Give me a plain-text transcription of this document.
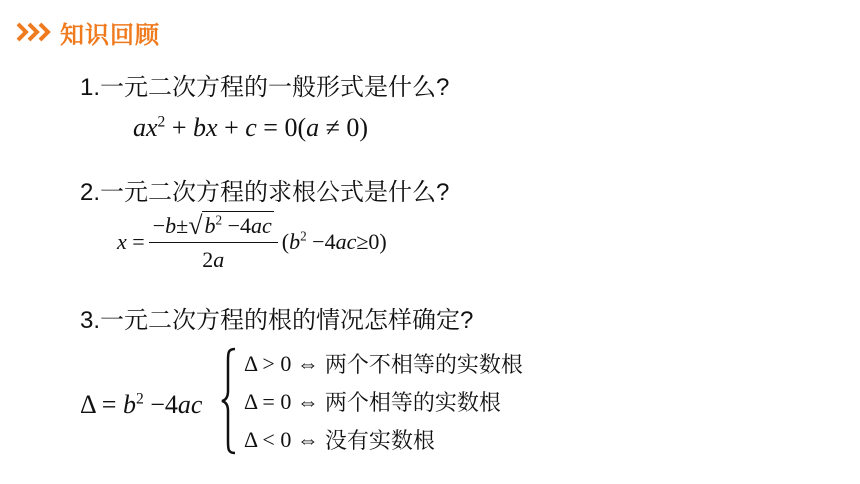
知识回顾
1.一元二次方程的一般形式是什么?
$ax^2$ + bx + c = 0(a ≠ 0)
2.一元二次方程的求根公式是什么?
$x = \frac{- b \pm √ b^2 -4ac}{2a} (b^2 -4ac\ge 0)$
3.一元二次方程的根的情况怎样确定?
$\Delta = b^2 -4ac$
Δ > 0 ⇔ 两个不相等的实数根
Δ = 0 ⇔ 两个相等的实数根
Δ < 0 ⇔ 没有实数根
